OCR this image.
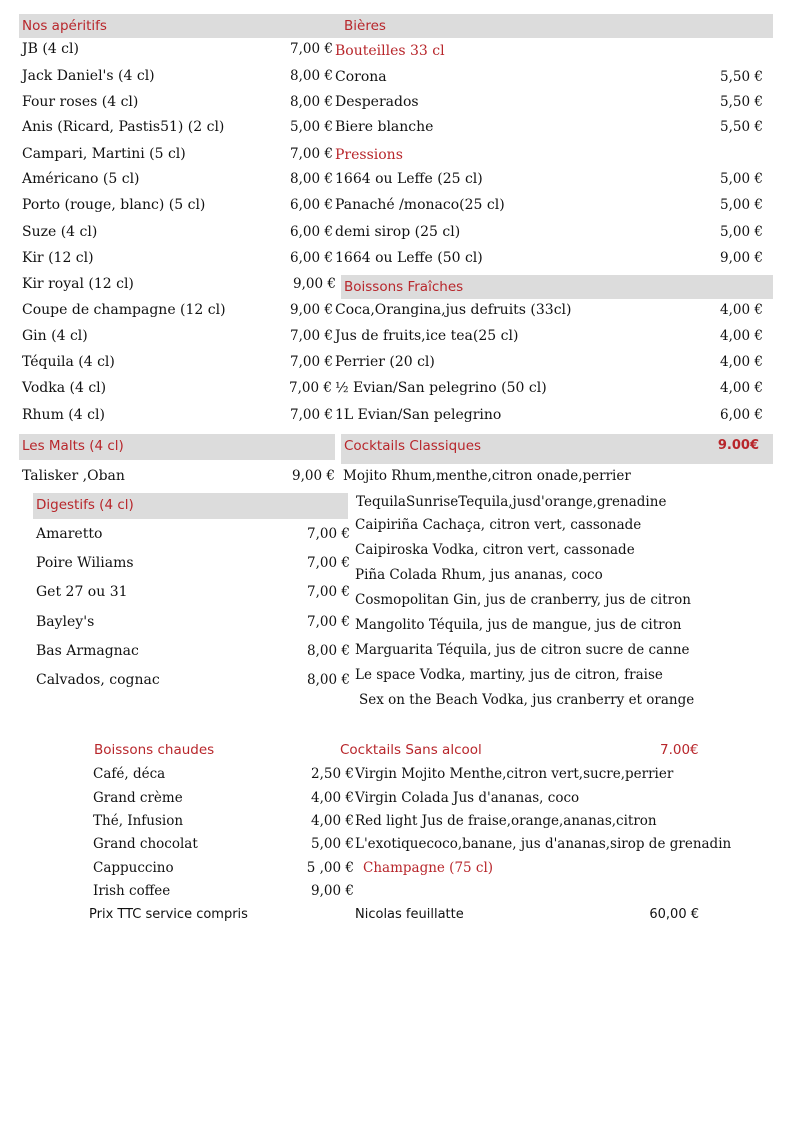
Nos apéritifs
JB (4 cl)	7,00 €
Jack Daniel's (4 cl)	8,00 €
Four roses (4 cl)	8,00 €
Anis (Ricard, Pastis51) (2 cl)	5,00 €
Campari, Martini (5 cl)	7,00 €
Américano (5 cl)	8,00 €
Porto (rouge, blanc) (5 cl)	6,00 €
Suze (4 cl)	6,00 €
Kir (12 cl)	6,00 €
Kir royal (12 cl)	9,00 €
Coupe de champagne (12 cl)	9,00 €
Gin (4 cl)	7,00 €
Téquila (4 cl)	7,00 €
Vodka (4 cl)	7,00 €
Rhum (4 cl)	7,00 €
Bières
Bouteilles 33 cl
Corona	5,50 €
Desperados	5,50 €
Biere blanche	5,50 €
Pressions
1664 ou Leffe (25 cl)	5,00 €
Panaché /monaco(25 cl)	5,00 €
demi sirop (25 cl)	5,00 €
1664 ou Leffe (50 cl)	9,00 €
Boissons Fraîches
Coca,Orangina,jus defruits (33cl)	4,00 €
Jus de fruits,ice tea(25 cl)	4,00 €
Perrier (20 cl)	4,00 €
½ Evian/San pelegrino (50 cl)	4,00 €
1L Evian/San pelegrino	6,00 €
Les Malts (4 cl)
Talisker ,Oban	9,00 €
Cocktails Classiques	9.00€
Mojito Rhum,menthe,citron onade,perrier
TequilaSunriseTequila,jusd'orange,grenadine
Caipiriña Cachaça, citron vert, cassonade
Caipiroska Vodka, citron vert, cassonade
Piña Colada Rhum, jus ananas, coco
Cosmopolitan Gin, jus de cranberry, jus de citron
Mangolito Téquila, jus de mangue, jus de citron
Marguarita Téquila, jus de citron sucre de canne
Le space Vodka, martiny, jus de citron, fraise
Sex on the Beach Vodka, jus cranberry et orange
Digestifs (4 cl)
Amaretto	7,00 €
Poire Wiliams	7,00 €
Get 27 ou 31	7,00 €
Bayley's	7,00 €
Bas Armagnac	8,00 €
Calvados, cognac	8,00 €
Boissons chaudes
Café, déca	2,50 €
Grand crème	4,00 €
Thé, Infusion	4,00 €
Grand chocolat	5,00 €
Cappuccino	5 ,00 €
Irish coffee	9,00 €
Prix TTC service compris
Cocktails Sans alcool	7.00€
Virgin Mojito Menthe,citron vert,sucre,perrier
Virgin Colada Jus d'ananas, coco
Red light Jus de fraise,orange,ananas,citron
L'exotiquecoco,banane, jus d'ananas,sirop de grenadin
Champagne (75 cl)
Nicolas feuillatte	60,00 €
